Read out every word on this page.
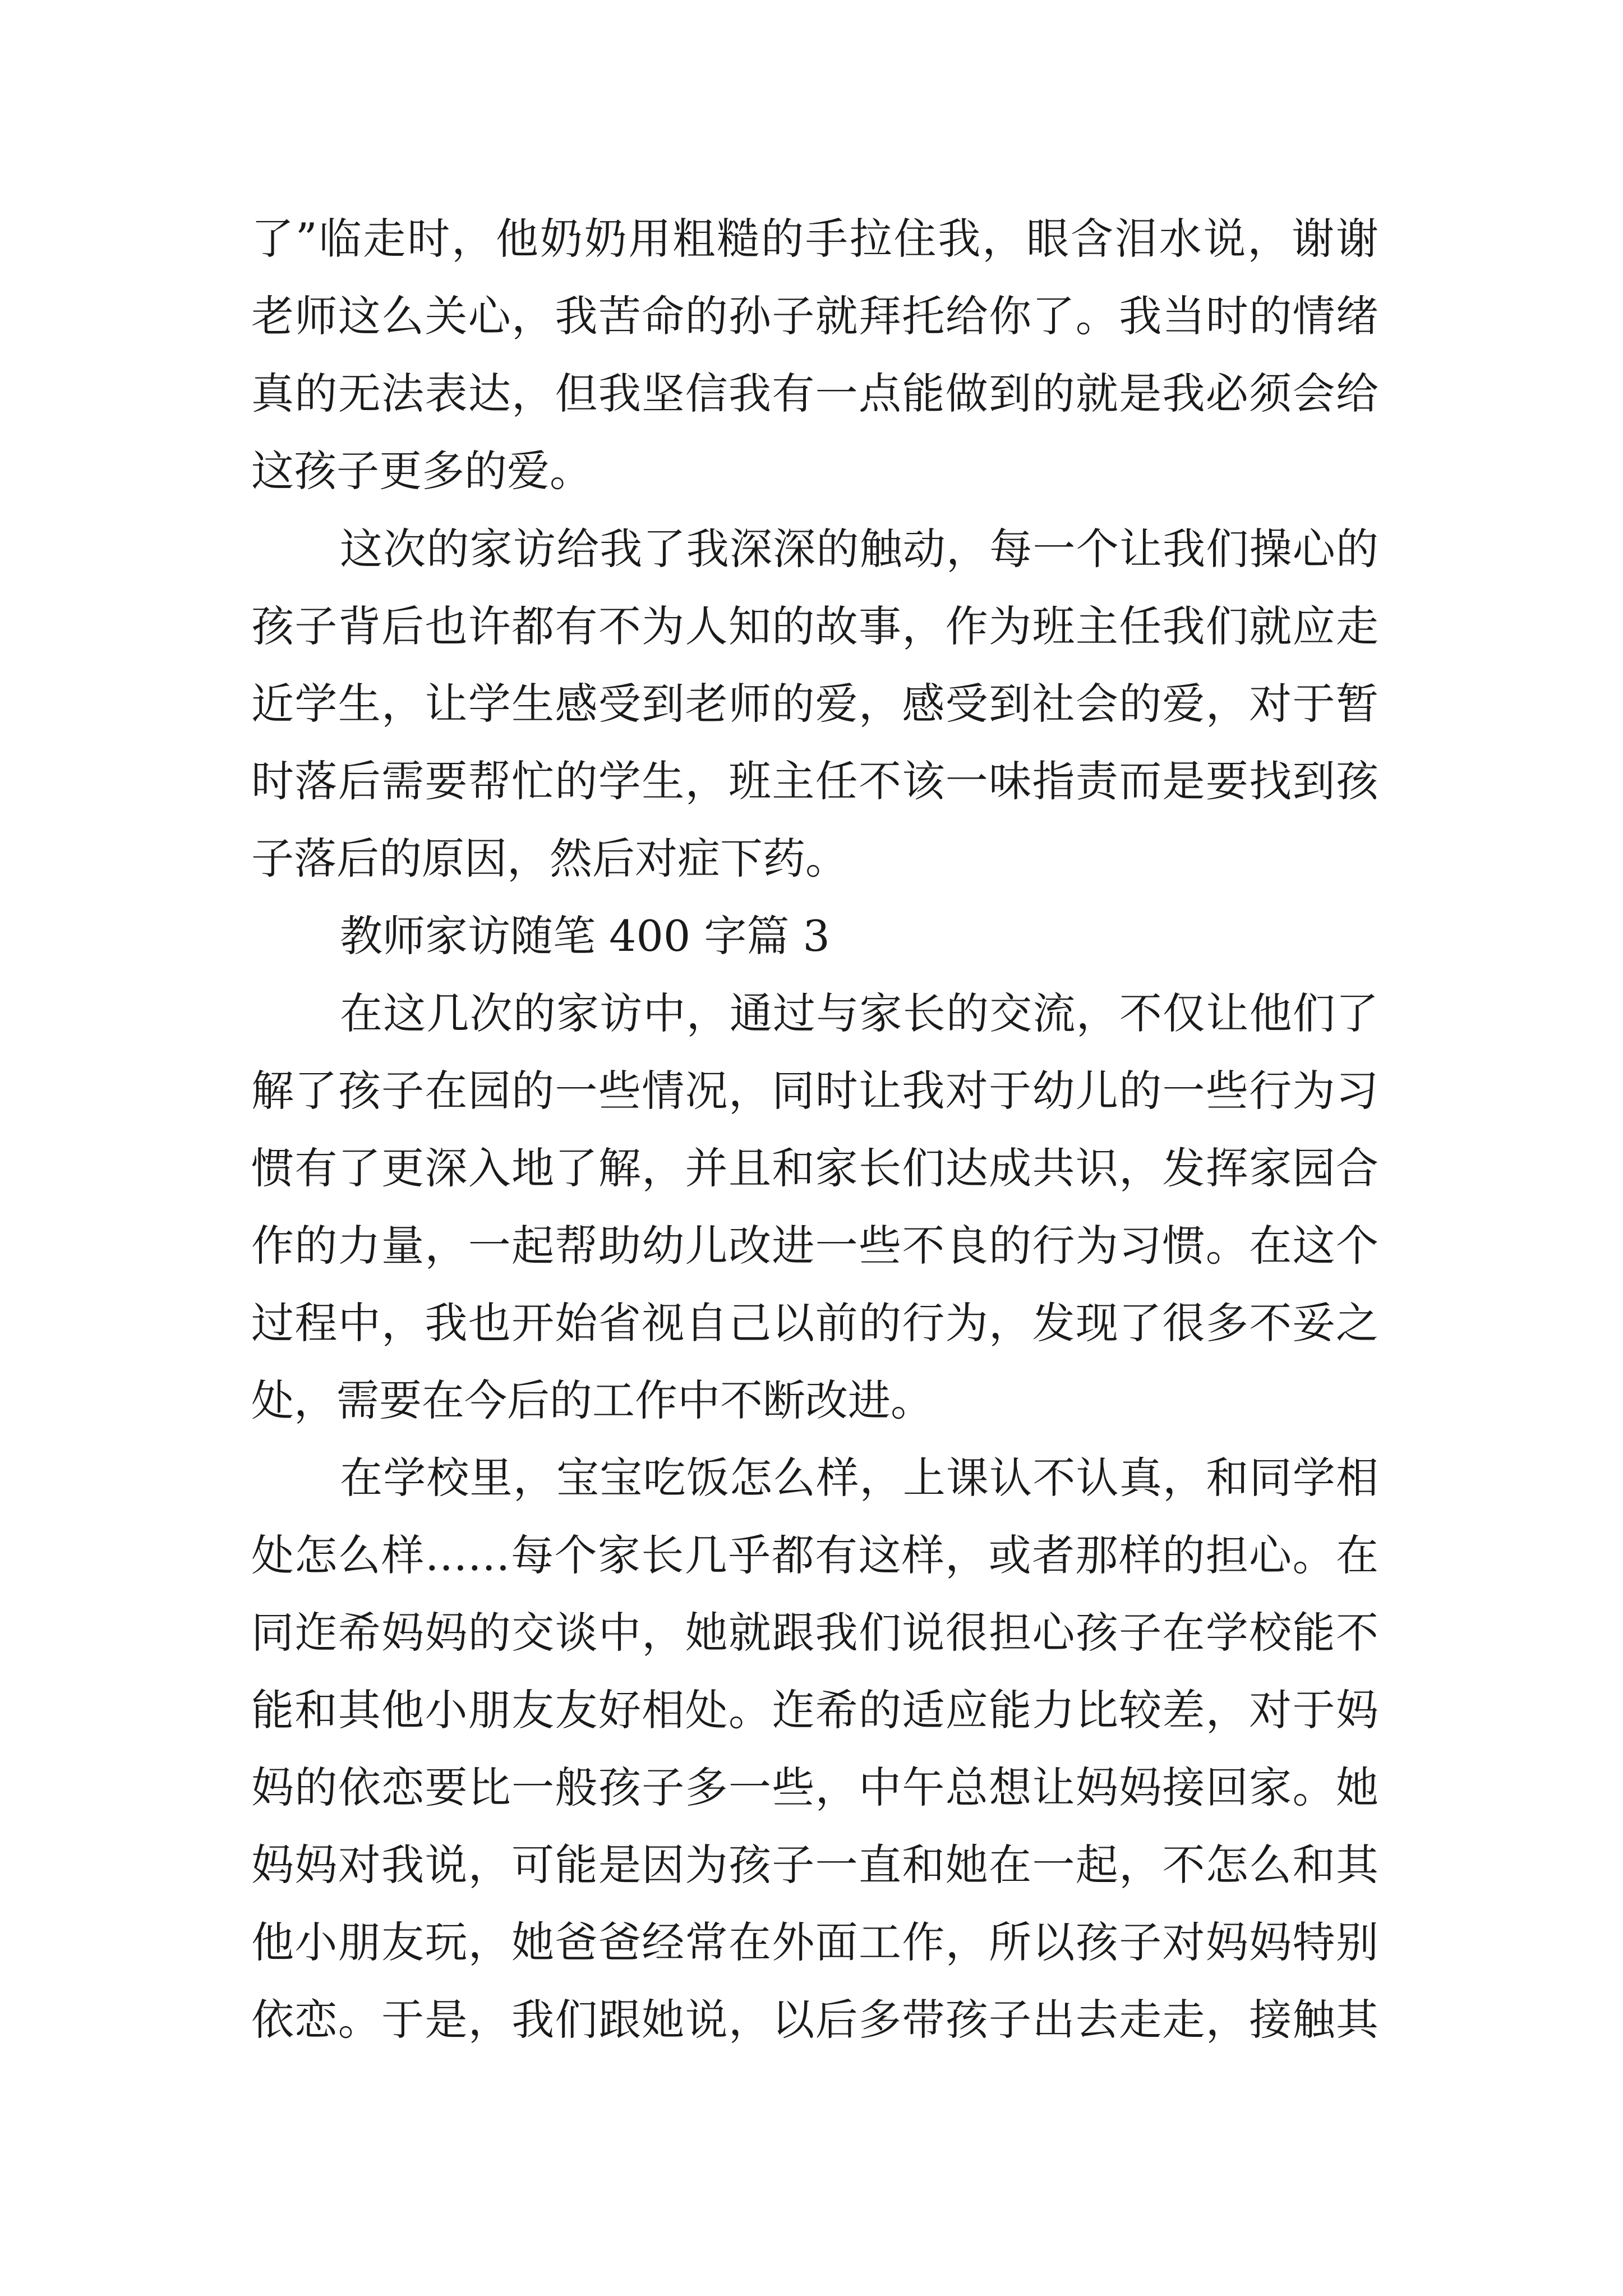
了”临走时，他奶奶用粗糙的手拉住我，眼含泪水说，谢谢
老师这么关心，我苦命的孙子就拜托给你了。我当时的情绪
真的无法表达，但我坚信我有一点能做到的就是我必须会给
这孩子更多的爱。
这次的家访给我了我深深的触动，每一个让我们操心的
孩子背后也许都有不为人知的故事，作为班主任我们就应走
近学生，让学生感受到老师的爱，感受到社会的爱，对于暂
时落后需要帮忙的学生，班主任不该一味指责而是要找到孩
子落后的原因，然后对症下药。
教师家访随笔 400 字篇 3
在这几次的家访中，通过与家长的交流，不仅让他们了
解了孩子在园的一些情况，同时让我对于幼儿的一些行为习
惯有了更深入地了解，并且和家长们达成共识，发挥家园合
作的力量，一起帮助幼儿改进一些不良的行为习惯。在这个
过程中，我也开始省视自己以前的行为，发现了很多不妥之
处，需要在今后的工作中不断改进。
在学校里，宝宝吃饭怎么样，上课认不认真，和同学相
处怎么样……每个家长几乎都有这样，或者那样的担心。在
同迮希妈妈的交谈中，她就跟我们说很担心孩子在学校能不
能和其他小朋友友好相处。迮希的适应能力比较差，对于妈
妈的依恋要比一般孩子多一些，中午总想让妈妈接回家。她
妈妈对我说，可能是因为孩子一直和她在一起，不怎么和其
他小朋友玩，她爸爸经常在外面工作，所以孩子对妈妈特别
依恋。于是，我们跟她说，以后多带孩子出去走走，接触其
